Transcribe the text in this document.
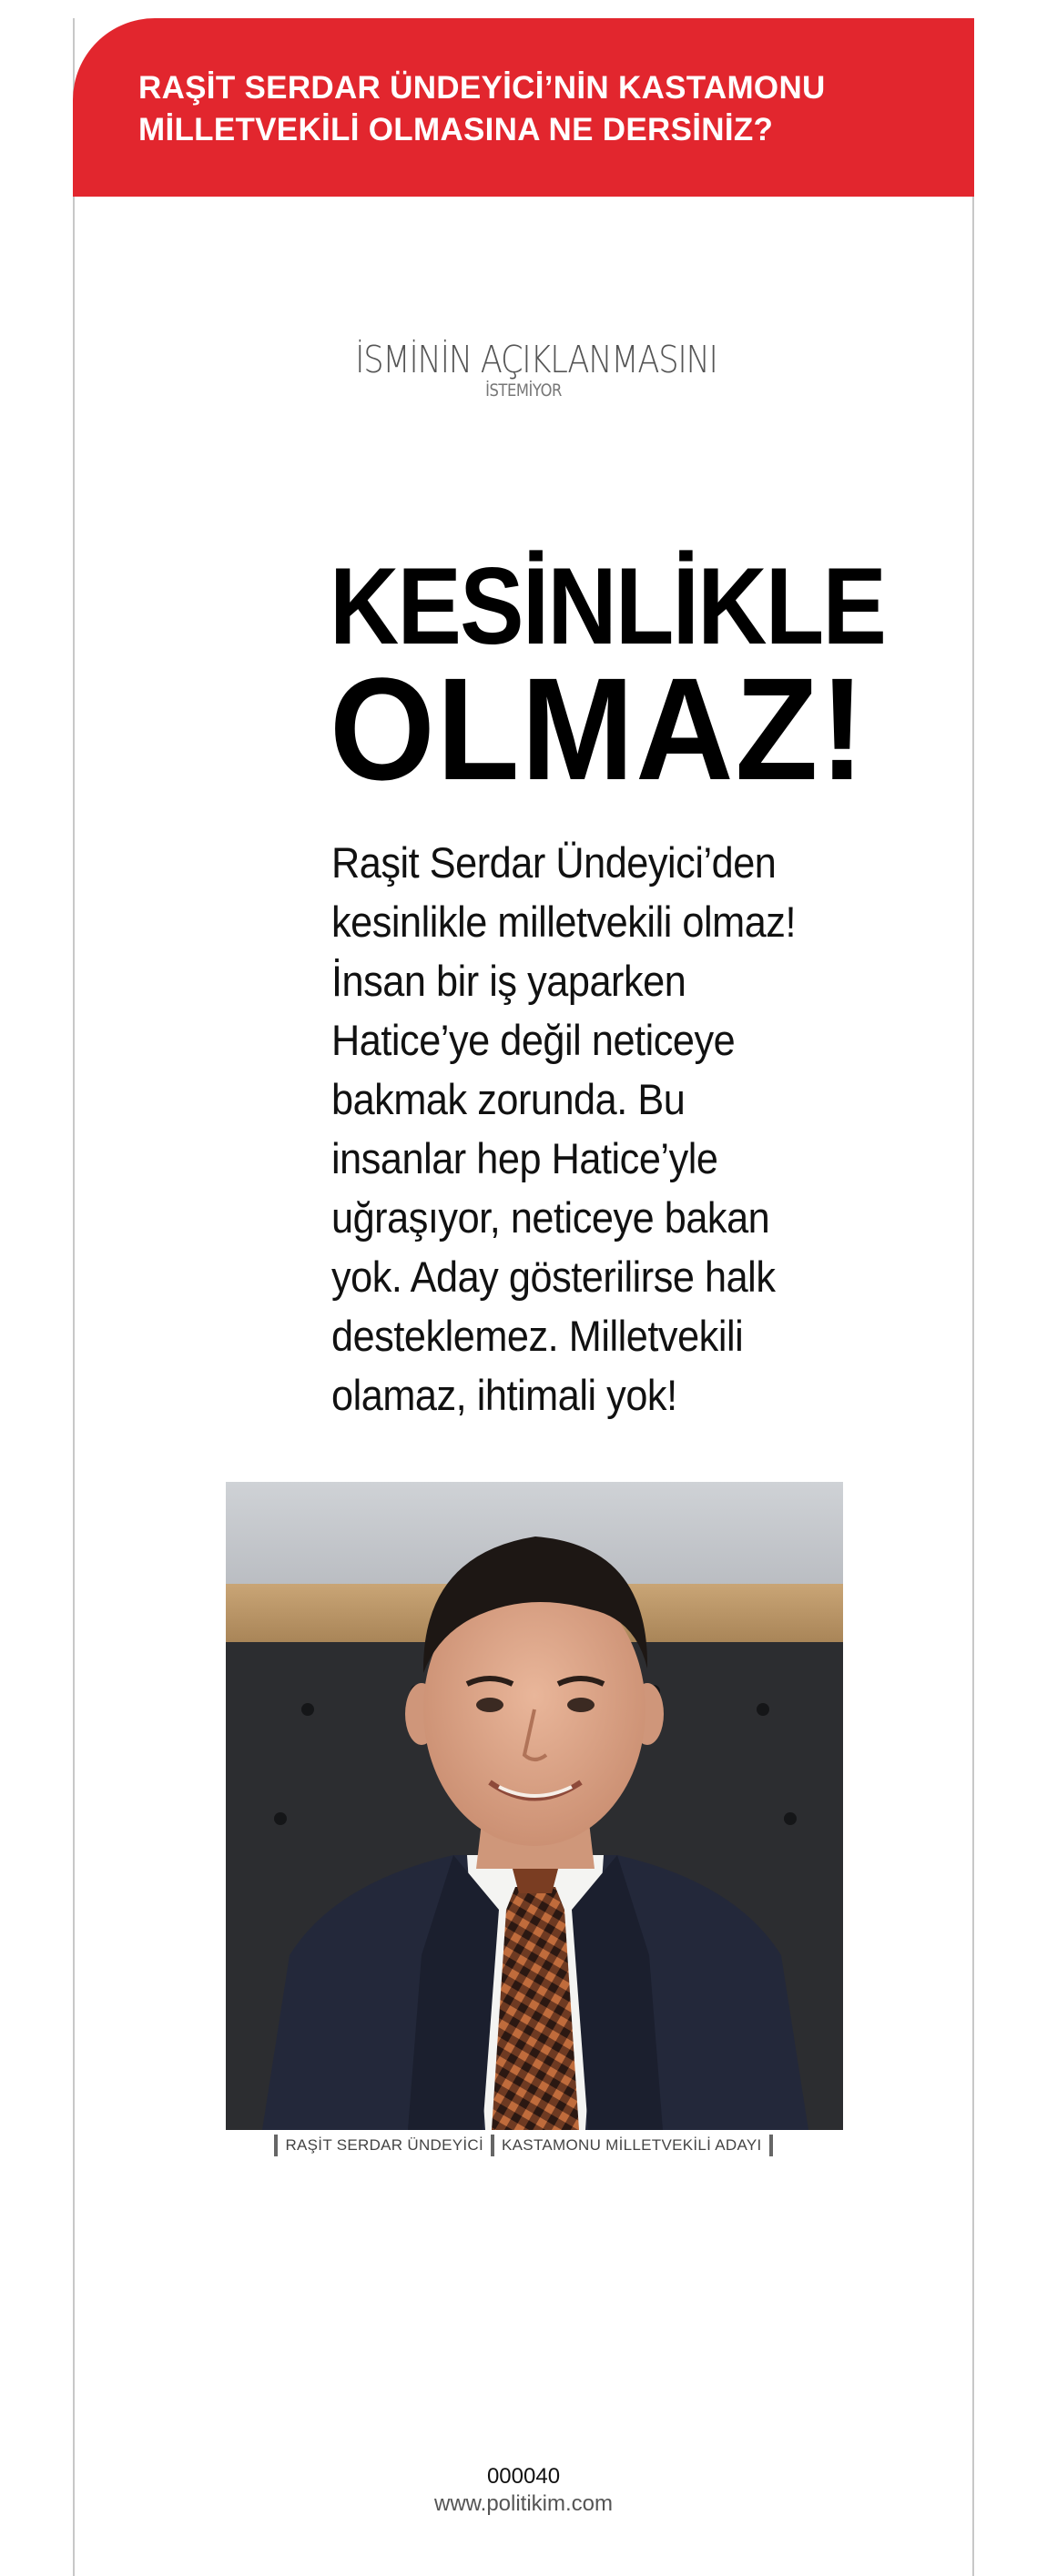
RAŞİT SERDAR ÜNDEYİCİ’NİN KASTAMONU
MİLLETVEKİLİ OLMASINA NE DERSİNİZ?
İSMİNİN AÇIKLANMASINI
İSTEMİYOR
KESİNLİKLE
OLMAZ!
Raşit Serdar Ündeyici’den
kesinlikle milletvekili olmaz!
İnsan bir iş yaparken
Hatice’ye değil neticeye
bakmak zorunda. Bu
insanlar hep Hatice’yle
uğraşıyor, neticeye bakan
yok. Aday gösterilirse halk
desteklemez. Milletvekili
olamaz, ihtimali yok!
RAŞİT SERDAR ÜNDEYİCİ KASTAMONU MİLLETVEKİLİ ADAYI
000040
www.politikim.com
